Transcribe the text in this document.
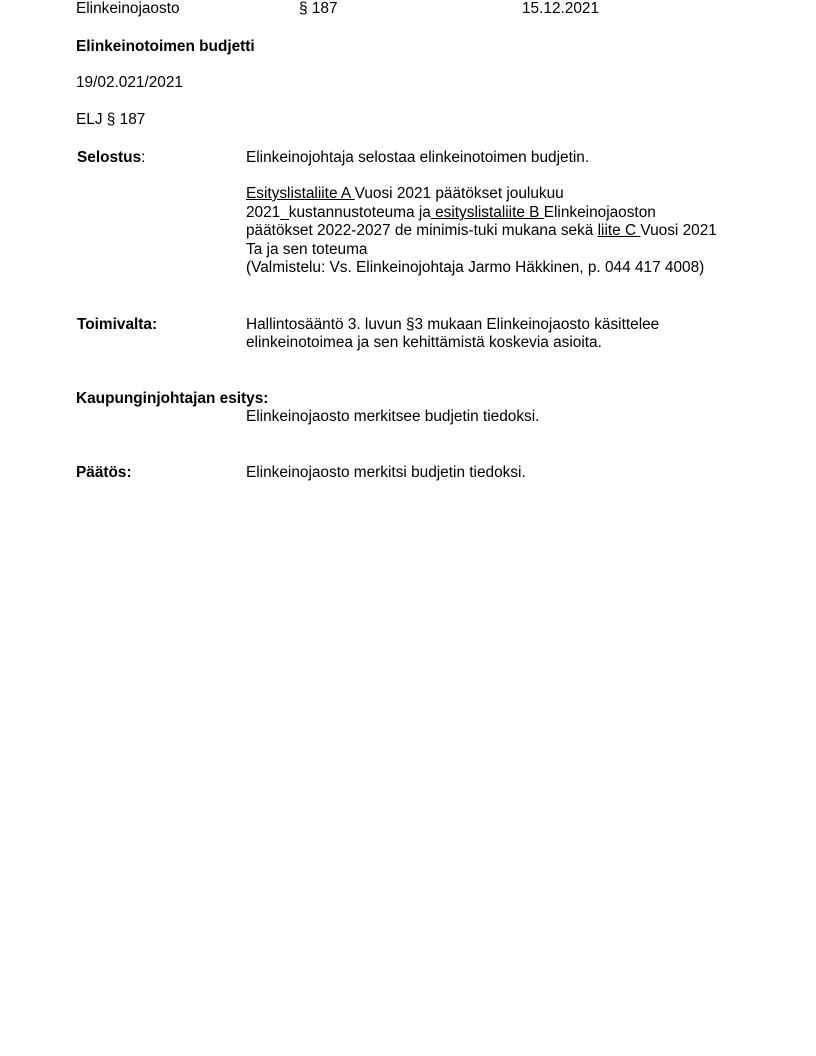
Elinkeinojaosto	§ 187	15.12.2021
Elinkeinotoimen budjetti
19/02.021/2021
ELJ § 187
Selostus:	Elinkeinojohtaja selostaa elinkeinotoimen budjetin.
Esityslistaliite A Vuosi 2021 päätökset joulukuu
2021_kustannustoteuma ja esityslistaliite B Elinkeinojaoston
päätökset 2022-2027 de minimis-tuki mukana sekä liite C Vuosi 2021
Ta ja sen toteuma
(Valmistelu: Vs. Elinkeinojohtaja Jarmo Häkkinen, p. 044 417 4008)
Toimivalta:	Hallintosääntö 3. luvun §3 mukaan Elinkeinojaosto käsittelee
elinkeinotoimea ja sen kehittämistä koskevia asioita.
Kaupunginjohtajan esitys:
Elinkeinojaosto merkitsee budjetin tiedoksi.
Päätös:	Elinkeinojaosto merkitsi budjetin tiedoksi.
